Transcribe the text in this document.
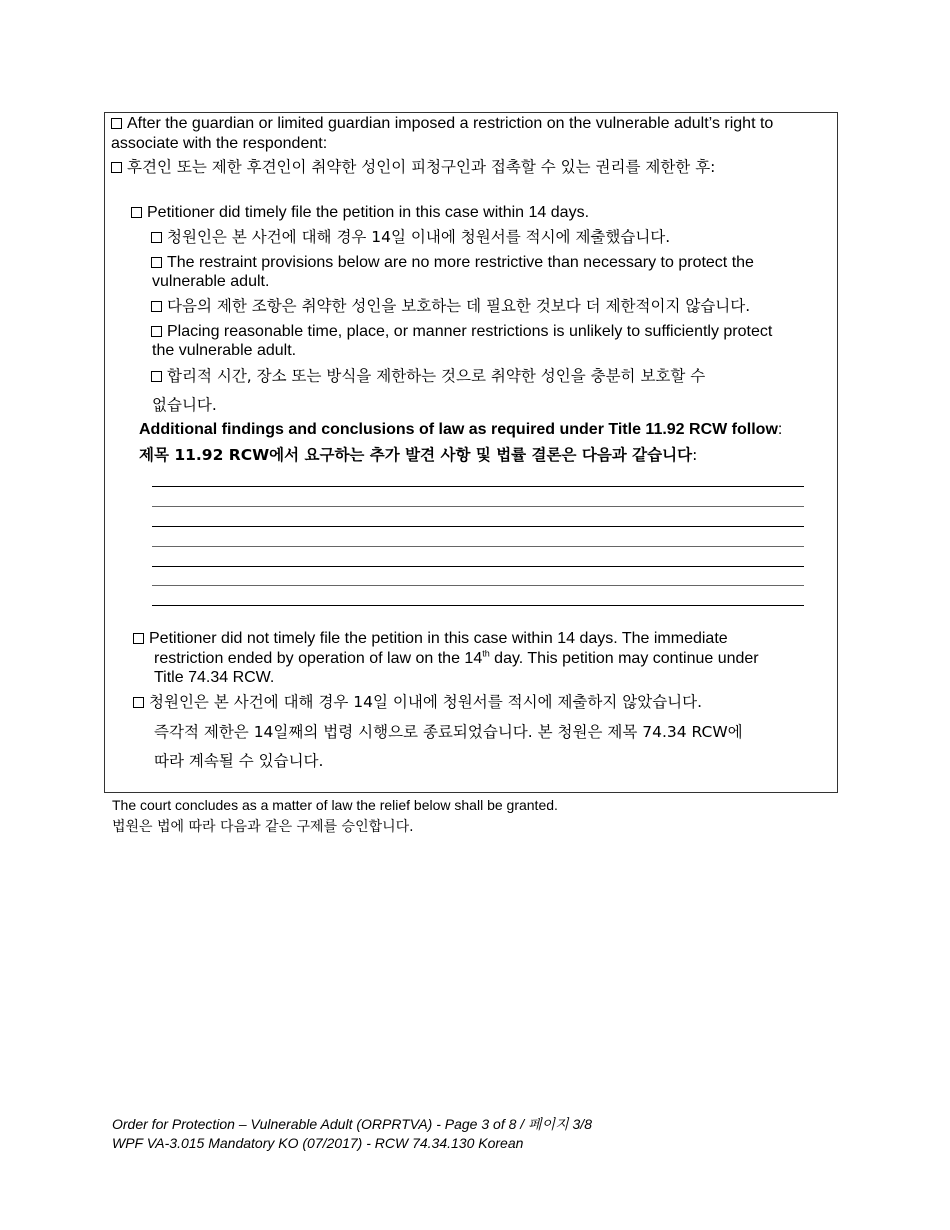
After the guardian or limited guardian imposed a restriction on the vulnerable adult’s right to
associate with the respondent:
후견인 또는 제한 후견인이 취약한 성인이 피청구인과 접촉할 수 있는 권리를 제한한 후:
Petitioner did timely file the petition in this case within 14 days.
청원인은 본 사건에 대해 경우 14일 이내에 청원서를 적시에 제출했습니다.
The restraint provisions below are no more restrictive than necessary to protect the
vulnerable adult.
다음의 제한 조항은 취약한 성인을 보호하는 데 필요한 것보다 더 제한적이지 않습니다.
Placing reasonable time, place, or manner restrictions is unlikely to sufficiently protect
the vulnerable adult.
합리적 시간, 장소 또는 방식을 제한하는 것으로 취약한 성인을 충분히 보호할 수
없습니다.
Additional findings and conclusions of law as required under Title 11.92 RCW follow:
제목 11.92 RCW에서 요구하는 추가 발견 사항 및 법률 결론은 다음과 같습니다:
Petitioner did not timely file the petition in this case within 14 days. The immediate
restriction ended by operation of law on the 14th day. This petition may continue under
Title 74.34 RCW.
청원인은 본 사건에 대해 경우 14일 이내에 청원서를 적시에 제출하지 않았습니다.
즉각적 제한은 14일째의 법령 시행으로 종료되었습니다. 본 청원은 제목 74.34 RCW에
따라 계속될 수 있습니다.
The court concludes as a matter of law the relief below shall be granted.
법원은 법에 따라 다음과 같은 구제를 승인합니다.
Order for Protection – Vulnerable Adult (ORPRTVA) - Page 3 of 8 / 페이지 3/8
WPF VA-3.015 Mandatory KO (07/2017) - RCW 74.34.130 Korean
